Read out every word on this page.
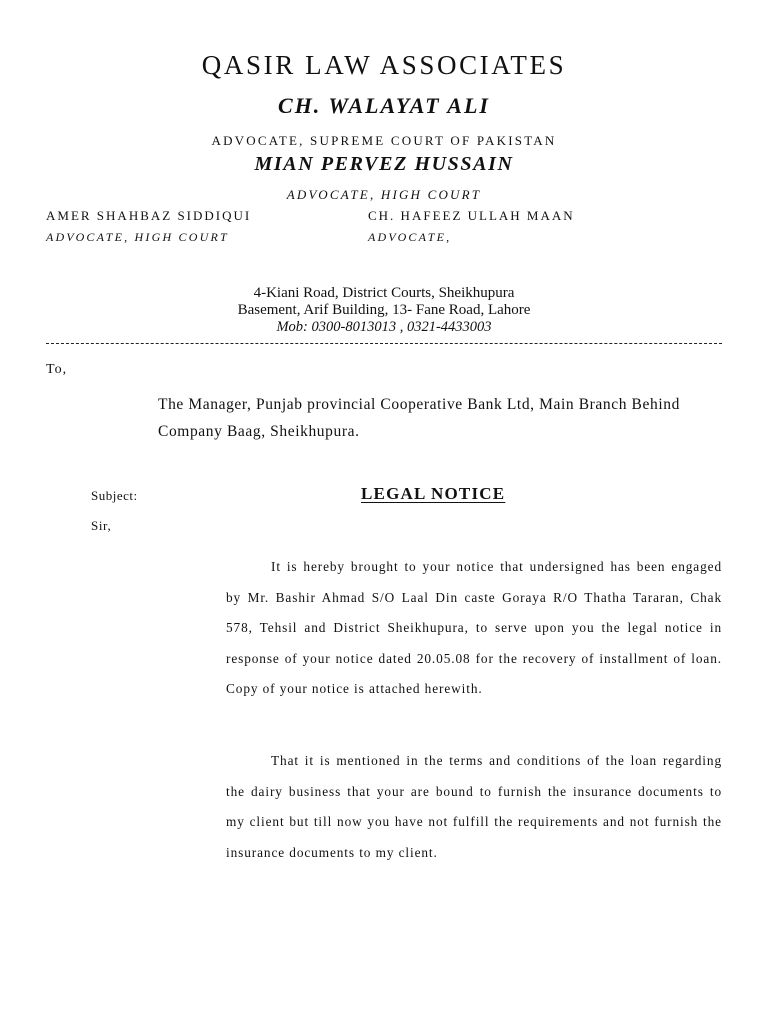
QASIR LAW ASSOCIATES
CH. WALAYAT ALI
ADVOCATE, SUPREME COURT OF PAKISTAN
MIAN PERVEZ HUSSAIN
ADVOCATE, HIGH COURT
AMER SHAHBAZ SIDDIQUI
ADVOCATE, HIGH COURT
CH. HAFEEZ ULLAH MAAN
ADVOCATE,
4-Kiani Road, District Courts, Sheikhupura
Basement, Arif Building, 13- Fane Road, Lahore
Mob: 0300-8013013 , 0321-4433003
To,
The Manager, Punjab provincial Cooperative Bank Ltd, Main Branch Behind Company Baag, Sheikhupura.
Subject:	LEGAL NOTICE
Sir,

It is hereby brought to your notice that undersigned has been engaged by Mr. Bashir Ahmad S/O Laal Din caste Goraya R/O Thatha Tararan, Chak 578, Tehsil and District Sheikhupura, to serve upon you the legal notice in response of your notice dated 20.05.08 for the recovery of installment of loan. Copy of your notice is attached herewith.

That it is mentioned in the terms and conditions of the loan regarding the dairy business that your are bound to furnish the insurance documents to my client but till now you have not fulfill the requirements and not furnish the insurance documents to my client.
